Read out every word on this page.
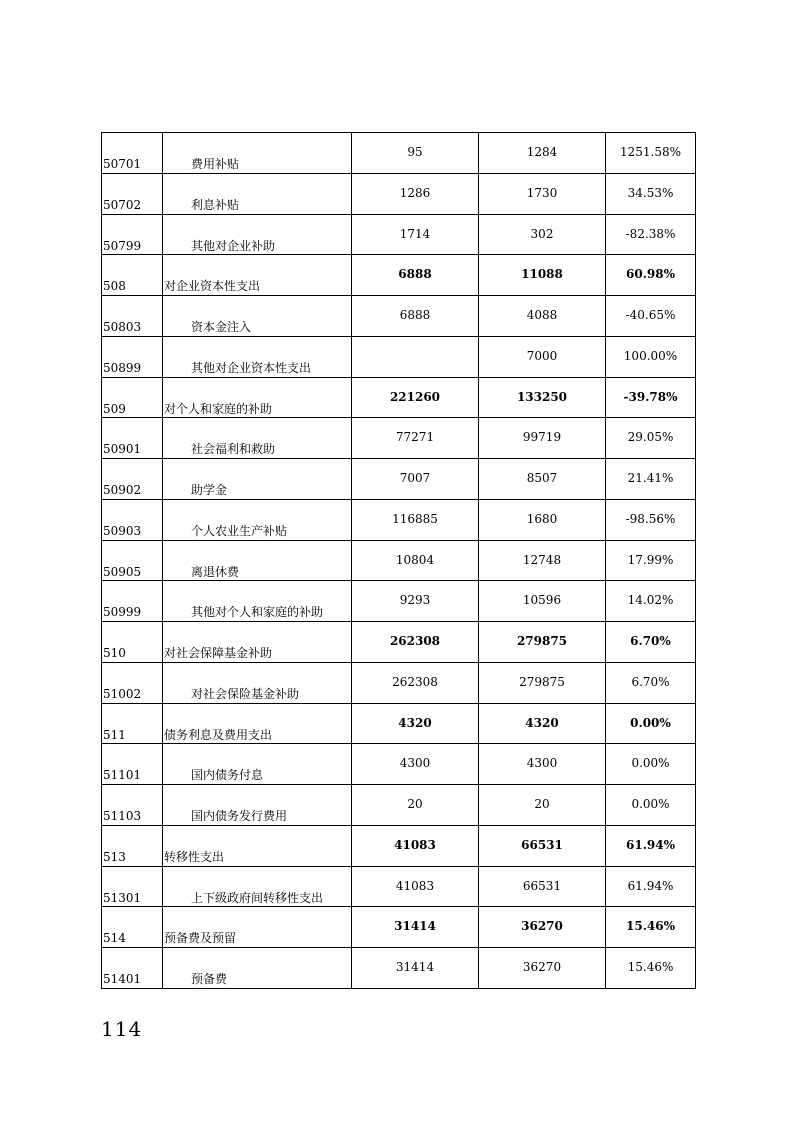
50701	费用补贴	95	1284	1251.58%
50702	利息补贴	1286	1730	34.53%
50799	其他对企业补助	1714	302	-82.38%
508	对企业资本性支出	6888	11088	60.98%
50803	资本金注入	6888	4088	-40.65%
50899	其他对企业资本性支出		7000	100.00%
509	对个人和家庭的补助	221260	133250	-39.78%
50901	社会福利和救助	77271	99719	29.05%
50902	助学金	7007	8507	21.41%
50903	个人农业生产补贴	116885	1680	-98.56%
50905	离退休费	10804	12748	17.99%
50999	其他对个人和家庭的补助	9293	10596	14.02%
510	对社会保障基金补助	262308	279875	6.70%
51002	对社会保险基金补助	262308	279875	6.70%
511	债务利息及费用支出	4320	4320	0.00%
51101	国内债务付息	4300	4300	0.00%
51103	国内债务发行费用	20	20	0.00%
513	转移性支出	41083	66531	61.94%
51301	上下级政府间转移性支出	41083	66531	61.94%
514	预备费及预留	31414	36270	15.46%
51401	预备费	31414	36270	15.46%
114
